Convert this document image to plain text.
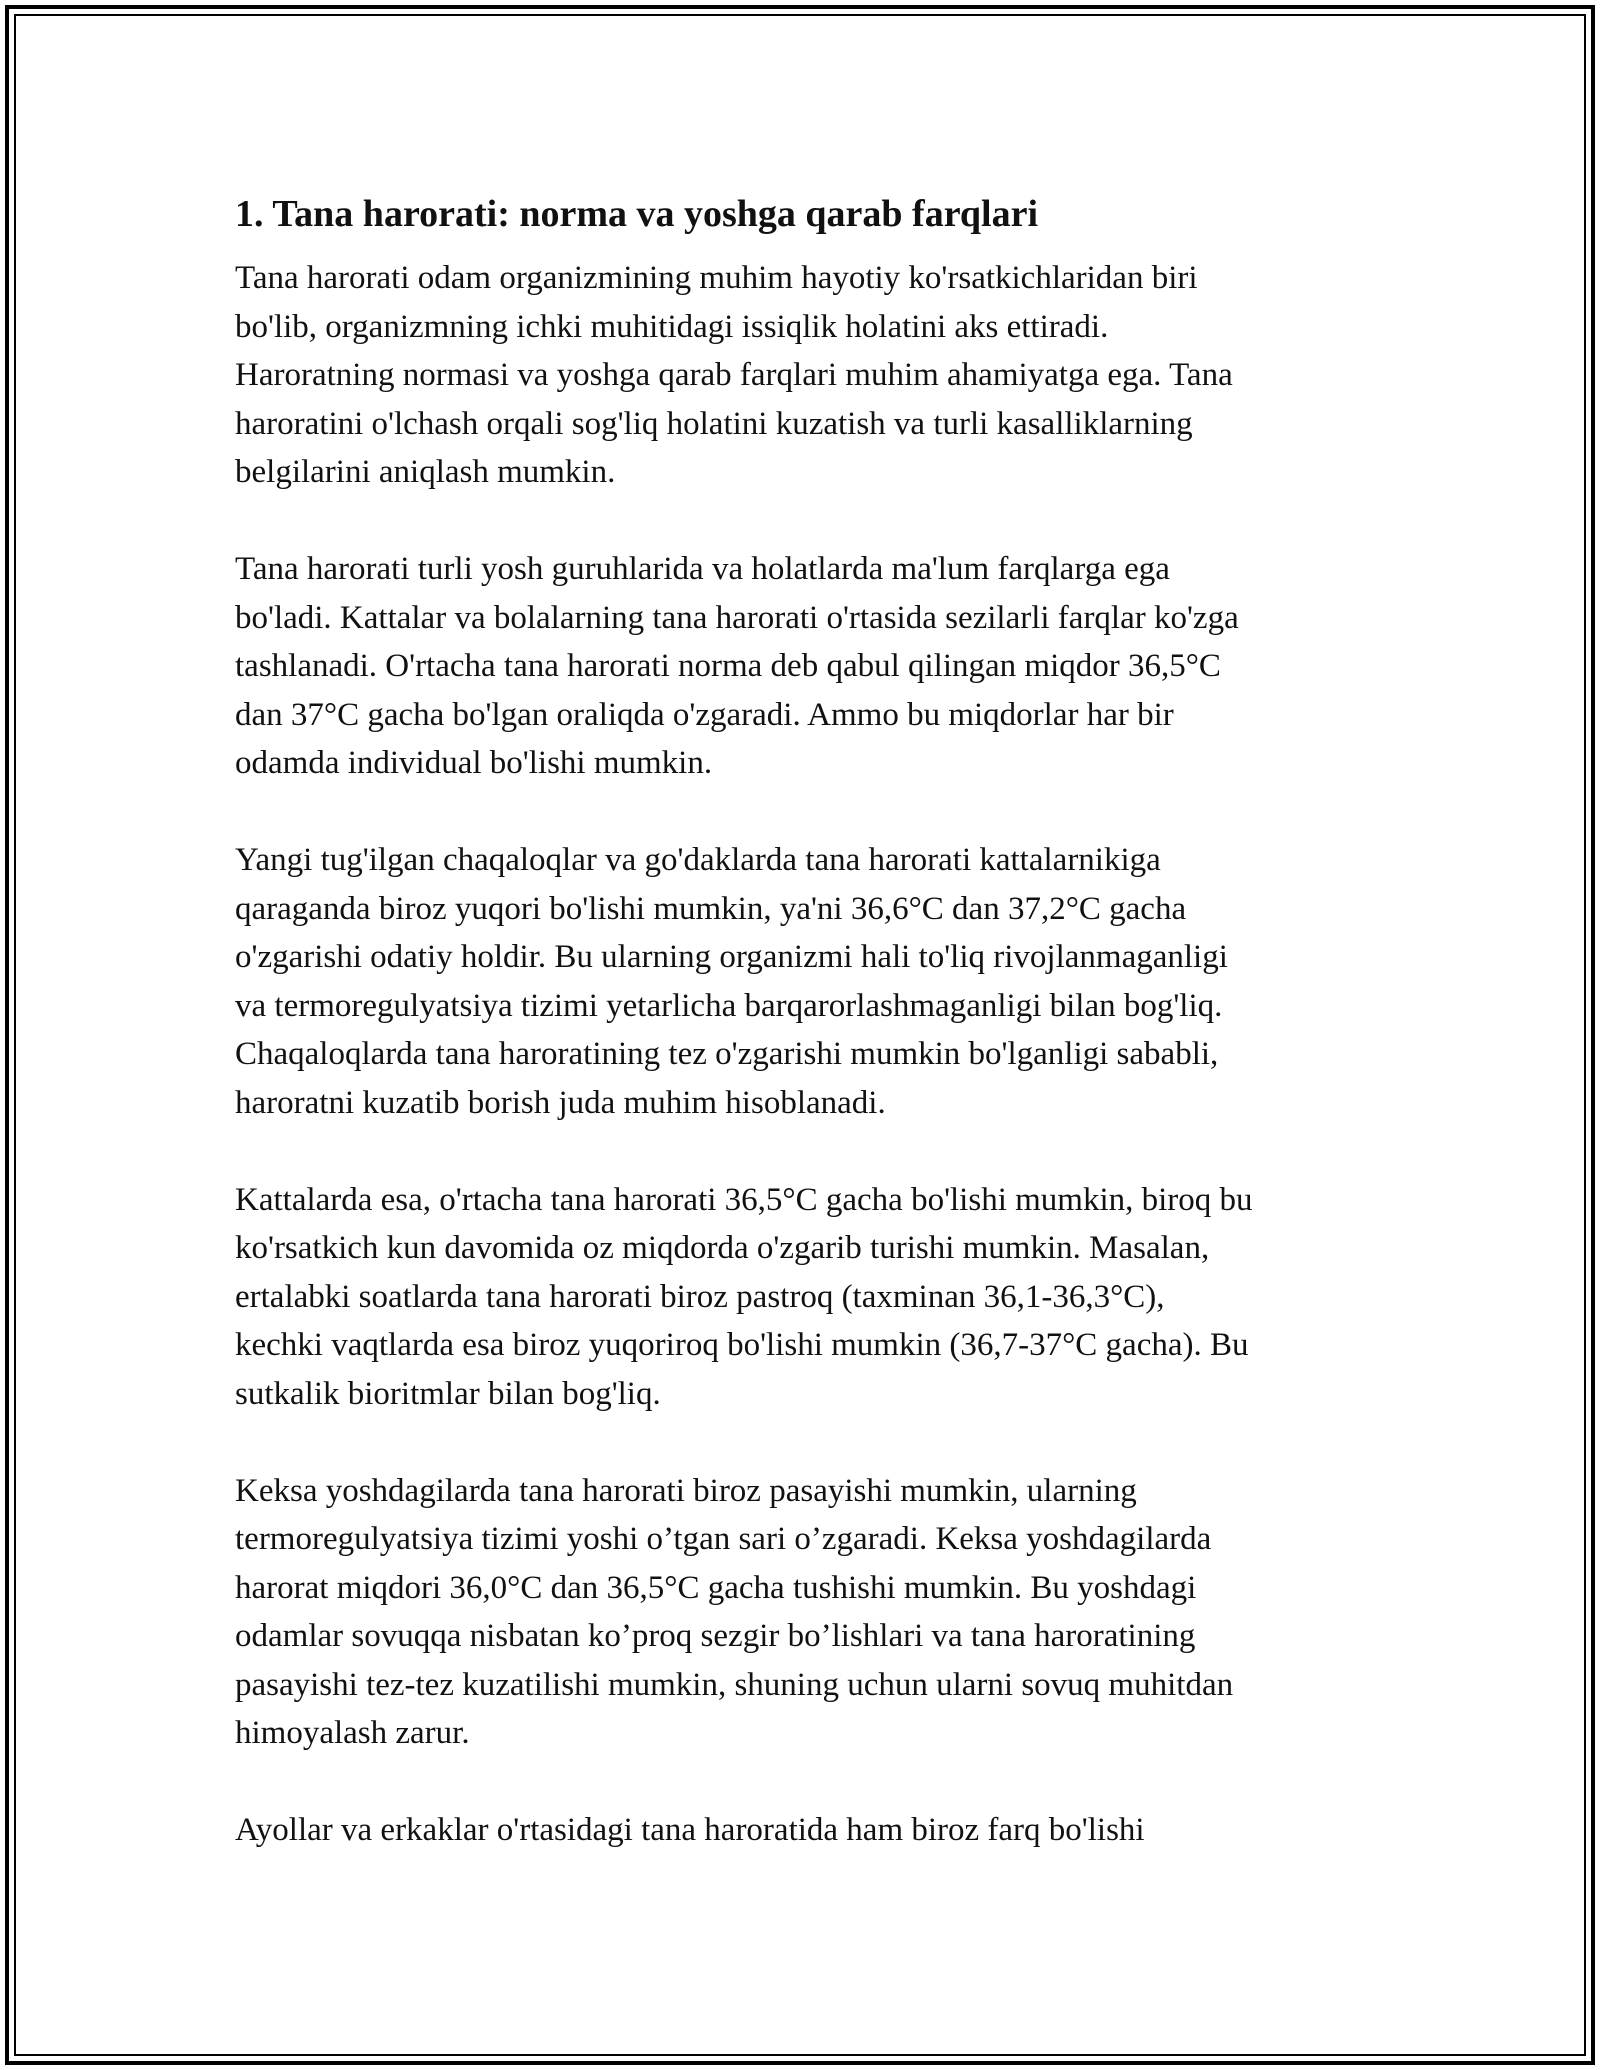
1. Tana harorati: norma va yoshga qarab farqlari

Tana harorati odam organizmining muhim hayotiy ko'rsatkichlaridan biri
bo'lib, organizmning ichki muhitidagi issiqlik holatini aks ettiradi.
Haroratning normasi va yoshga qarab farqlari muhim ahamiyatga ega. Tana
haroratini o'lchash orqali sog'liq holatini kuzatish va turli kasalliklarning
belgilarini aniqlash mumkin.

Tana harorati turli yosh guruhlarida va holatlarda ma'lum farqlarga ega
bo'ladi. Kattalar va bolalarning tana harorati o'rtasida sezilarli farqlar ko'zga
tashlanadi. O'rtacha tana harorati norma deb qabul qilingan miqdor 36,5°C
dan 37°C gacha bo'lgan oraliqda o'zgaradi. Ammo bu miqdorlar har bir
odamda individual bo'lishi mumkin.

Yangi tug'ilgan chaqaloqlar va go'daklarda tana harorati kattalarnikiga
qaraganda biroz yuqori bo'lishi mumkin, ya'ni 36,6°C dan 37,2°C gacha
o'zgarishi odatiy holdir. Bu ularning organizmi hali to'liq rivojlanmaganligi
va termoregulyatsiya tizimi yetarlicha barqarorlashmaganligi bilan bog'liq.
Chaqaloqlarda tana haroratining tez o'zgarishi mumkin bo'lganligi sababli,
haroratni kuzatib borish juda muhim hisoblanadi.

Kattalarda esa, o'rtacha tana harorati 36,5°C gacha bo'lishi mumkin, biroq bu
ko'rsatkich kun davomida oz miqdorda o'zgarib turishi mumkin. Masalan,
ertalabki soatlarda tana harorati biroz pastroq (taxminan 36,1-36,3°C),
kechki vaqtlarda esa biroz yuqoriroq bo'lishi mumkin (36,7-37°C gacha). Bu
sutkalik bioritmlar bilan bog'liq.

Keksa yoshdagilarda tana harorati biroz pasayishi mumkin, ularning
termoregulyatsiya tizimi yoshi o’tgan sari o’zgaradi. Keksa yoshdagilarda
harorat miqdori 36,0°C dan 36,5°C gacha tushishi mumkin. Bu yoshdagi
odamlar sovuqqa nisbatan ko’proq sezgir bo’lishlari va tana haroratining
pasayishi tez-tez kuzatilishi mumkin, shuning uchun ularni sovuq muhitdan
himoyalash zarur.

Ayollar va erkaklar o'rtasidagi tana haroratida ham biroz farq bo'lishi
